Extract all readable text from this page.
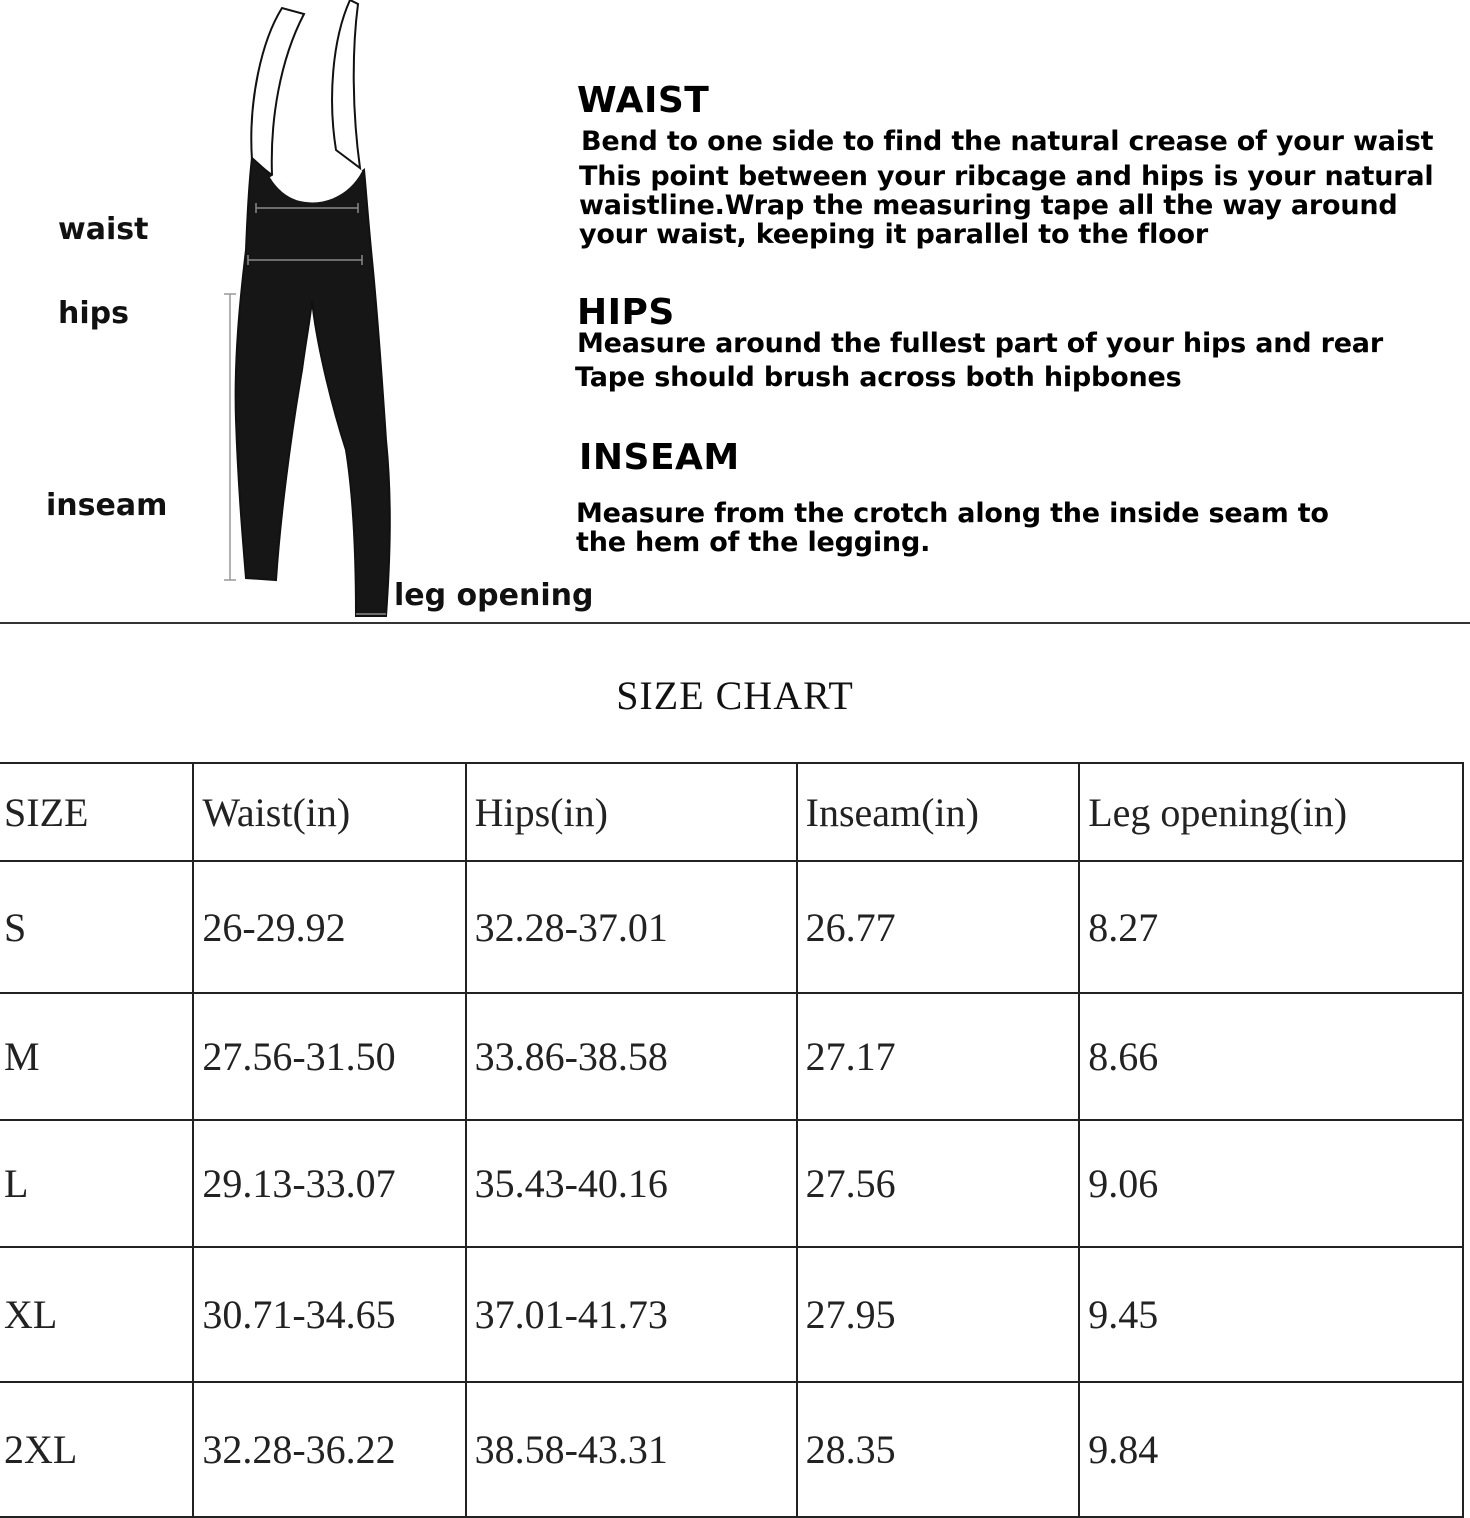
waist
hips
inseam
leg opening
WAIST
Bend to one side to find the natural crease of your waist
This point between your ribcage and hips is your natural
waistline.Wrap the measuring tape all the way around
your waist, keeping it parallel to the floor
HIPS
Measure around the fullest part of your hips and rear
Tape should brush across both hipbones
INSEAM
Measure from the crotch along the inside seam to
the hem of the legging.
SIZE CHART
SIZE	Waist(in)	Hips(in)	Inseam(in)	Leg opening(in)
S	26-29.92	32.28-37.01	26.77	8.27
M	27.56-31.50	33.86-38.58	27.17	8.66
L	29.13-33.07	35.43-40.16	27.56	9.06
XL	30.71-34.65	37.01-41.73	27.95	9.45
2XL	32.28-36.22	38.58-43.31	28.35	9.84
